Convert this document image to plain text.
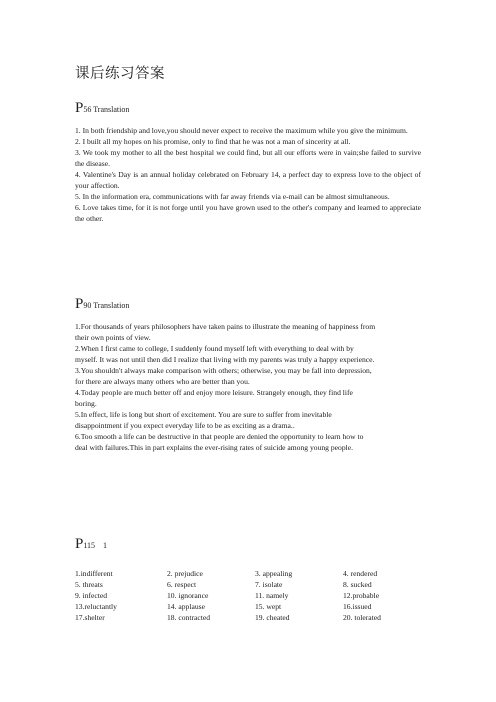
课后练习答案
P56 Translation

1. In both friendship and love,you should never expect to receive the maximum while you give the minimum.

2. I built all my hopes on his promise, only to find that he was not a man of sincerity at all.

3. We took my mother to all the best hospital we could find, but all our efforts were in vain;she failed to survive the disease.

4. Valentine's Day is an annual holiday celebrated on February 14, a perfect day to express love to the object of your affection.

5. In the information era, communications with far away friends via e-mail can be almost simultaneous.

6. Love takes time, for it is not forge until you have grown used to the other's company and learned to appreciate the other.

P90 Translation

1.For thousands of years philosophers have taken pains to illustrate the meaning of happiness from

their own points of view.

2.When I first came to college, I suddenly found myself left with everything to deal with by

myself. It was not until then did I realize that living with my parents was truly a happy experience.

3.You shouldn't always make comparison with others; otherwise, you may be fall into depression,

for there are always many others who are better than you.

4.Today people are much better off and enjoy more leisure. Strangely enough, they find life

boring.

5.In effect, life is long but short of excitement. You are sure to suffer from inevitable

disappointment if you expect everyday life to be as exciting as a drama..

6.Too smooth a life can be destructive in that people are denied the opportunity to learn how to

deal with failures.This in part explains the ever-rising rates of suicide among young people.

P115    1
1.indifferent	2. prejudice	3. appealing	4. rendered
5. threats	6. respect	7. isolate	8. sucked
9. infected	10. ignorance	11. namely	12.probable
13.reluctantly	14. applause	15. wept	16.issued
17.shelter	18. contracted	19. cheated	20. tolerated
